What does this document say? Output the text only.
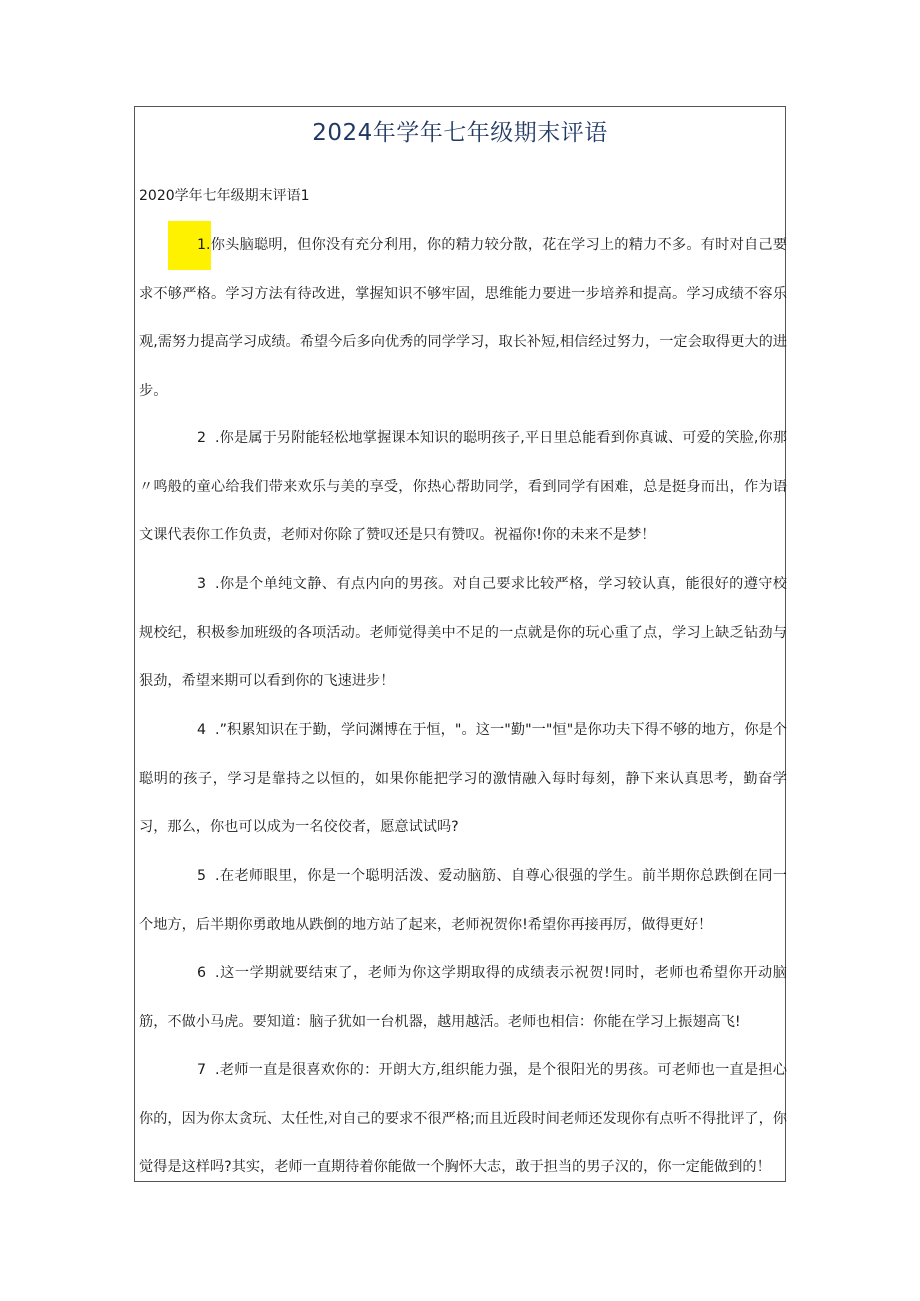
2024年学年七年级期末评语
2020学年七年级期末评语1
1.你头脑聪明，但你没有充分利用，你的精力较分散，花在学习上的精力不多。有时对自己要求不够严格。学习方法有待改进，掌握知识不够牢固，思维能力要进一步培养和提高。学习成绩不容乐观,需努力提高学习成绩。希望今后多向优秀的同学学习，取长补短,相信经过努力，一定会取得更大的进步。
2  .你是属于另附能轻松地掌握课本知识的聪明孩子,平日里总能看到你真诚、可爱的笑脸,你那〃鸣般的童心给我们带来欢乐与美的享受，你热心帮助同学，看到同学有困难，总是挺身而出，作为语文课代表你工作负责，老师对你除了赞叹还是只有赞叹。祝福你!你的未来不是梦！
3  .你是个单纯文静、有点内向的男孩。对自己要求比较严格，学习较认真，能很好的遵守校规校纪，积极参加班级的各项活动。老师觉得美中不足的一点就是你的玩心重了点，学习上缺乏钻劲与狠劲，希望来期可以看到你的飞速进步！
4  .”积累知识在于勤，学问渊博在于恒，"。这一"勤"一"恒"是你功夫下得不够的地方，你是个聪明的孩子，学习是靠持之以恒的，如果你能把学习的激情融入每时每刻，静下来认真思考，勤奋学习，那么，你也可以成为一名佼佼者，愿意试试吗?
5  .在老师眼里，你是一个聪明活泼、爱动脑筋、自尊心很强的学生。前半期你总跌倒在同一个地方，后半期你勇敢地从跌倒的地方站了起来，老师祝贺你!希望你再接再厉，做得更好！
6  .这一学期就要结束了，老师为你这学期取得的成绩表示祝贺!同时，老师也希望你开动脑筋，不做小马虎。要知道：脑子犹如一台机器，越用越活。老师也相信：你能在学习上振翅高飞!
7  .老师一直是很喜欢你的：开朗大方,组织能力强，是个很阳光的男孩。可老师也一直是担心你的，因为你太贪玩、太任性,对自己的要求不很严格;而且近段时间老师还发现你有点听不得批评了，你觉得是这样吗?其实，老师一直期待着你能做一个胸怀大志，敢于担当的男子汉的，你一定能做到的！
